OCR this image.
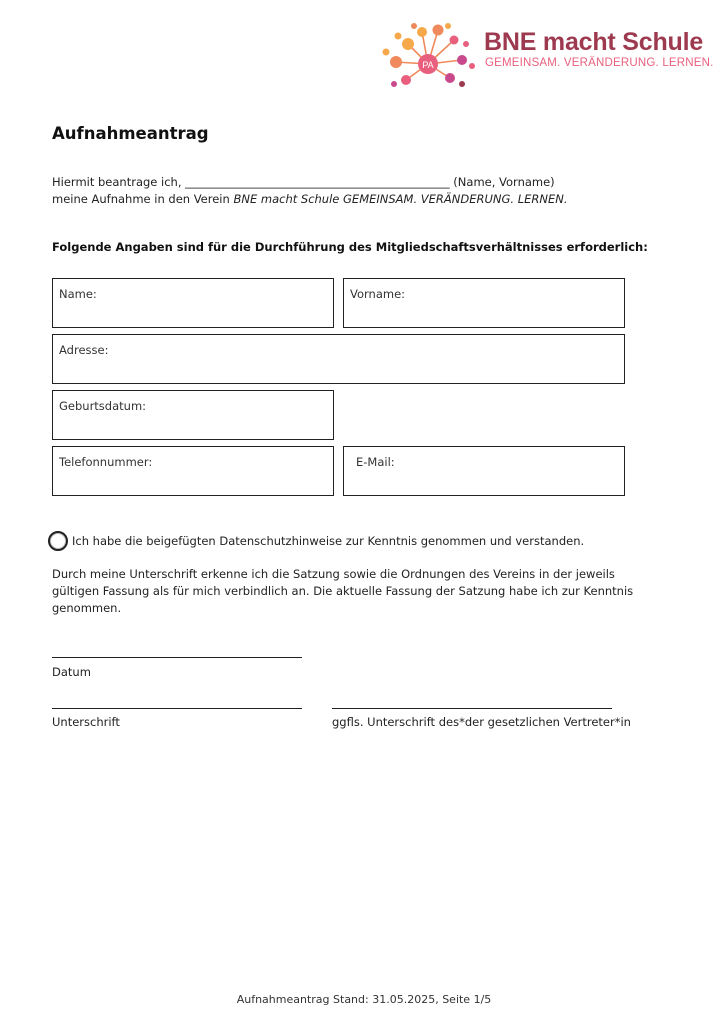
PA
BNE macht Schule
GEMEINSAM. VERÄNDERUNG. LERNEN.
Aufnahmeantrag
Hiermit beantrage ich, ______________________________________________ (Name, Vorname)
meine Aufnahme in den Verein BNE macht Schule GEMEINSAM. VERÄNDERUNG. LERNEN.
Folgende Angaben sind für die Durchführung des Mitgliedschaftsverhältnisses erforderlich:
Name:	Vorname:
Adresse:
Geburtsdatum:
Telefonnummer:	E-Mail:
Ich habe die beigefügten Datenschutzhinweise zur Kenntnis genommen und verstanden.
Durch meine Unterschrift erkenne ich die Satzung sowie die Ordnungen des Vereins in der jeweils
gültigen Fassung als für mich verbindlich an. Die aktuelle Fassung der Satzung habe ich zur Kenntnis
genommen.
Datum
Unterschrift	ggfls. Unterschrift des*der gesetzlichen Vertreter*in
Aufnahmeantrag Stand: 31.05.2025, Seite 1/5
